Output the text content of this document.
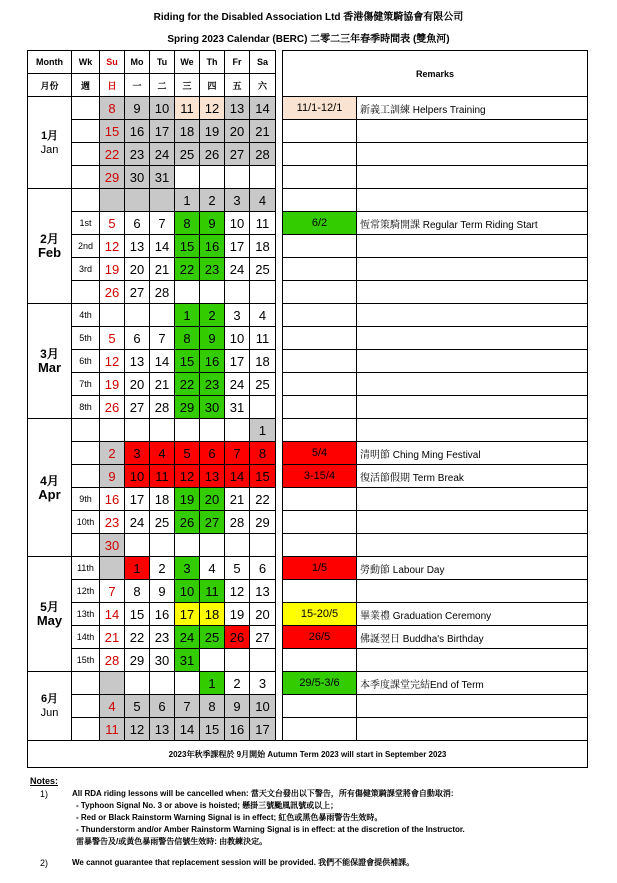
Riding for the Disabled Association Ltd 香港傷健策騎協會有限公司
Spring 2023 Calendar (BERC) 二零二三年春季時間表 (雙魚河)
Month	Wk	Su	Mo	Tu	We	Th	Fr	Sa		Remarks	
月份	週	日	一	二	三	四	五	六			

1月
Jan		8	9	10	11	12	13	14		11/1-12/1	新義工訓練 Helpers Training
		15	16	17	18	19	20	21			
		22	23	24	25	26	27	28			
		29	30	31							

2月
Feb					1	2	3	4			
	1st	5	6	7	8	9	10	11		6/2	恆常策騎開課 Regular Term Riding Start
	2nd	12	13	14	15	16	17	18			
	3rd	19	20	21	22	23	24	25			
		26	27	28							

3月
Mar	4th				1	2	3	4			
	5th	5	6	7	8	9	10	11			
	6th	12	13	14	15	16	17	18			
	7th	19	20	21	22	23	24	25			
	8th	26	27	28	29	30	31				

4月
Apr								1			
		2	3	4	5	6	7	8		5/4	清明節 Ching Ming Festival
		9	10	11	12	13	14	15		3-15/4	復活節假期 Term Break
	9th	16	17	18	19	20	21	22			
	10th	23	24	25	26	27	28	29			
		30									

5月
May	11th		1	2	3	4	5	6		1/5	勞動節 Labour Day
	12th	7	8	9	10	11	12	13			
	13th	14	15	16	17	18	19	20		15-20/5	畢業禮 Graduation Ceremony
	14th	21	22	23	24	25	26	27		26/5	佛誕翌日 Buddha's Birthday
	15th	28	29	30	31						

6月
Jun						1	2	3		29/5-3/6	本季度課堂完結End of Term
		4	5	6	7	8	9	10			
		11	12	13	14	15	16	17			
2023年秋季課程於 9月開始 Autumn Term 2023 will start in September 2023											
Notes:
1)	All RDA riding lessons will be cancelled when: 當天文台發出以下警告，所有傷健策騎課堂將會自動取消:
- Typhoon Signal No. 3 or above is hoisted; 懸掛三號颱風訊號或以上；
- Red or Black Rainstorm Warning Signal is in effect; 紅色或黑色暴雨警告生效時。
- Thunderstorm and/or Amber Rainstorm Warning Signal is in effect: at the discretion of the Instructor.
雷暴警告及/或黃色暴雨警告信號生效時: 由教練決定。
2)	We cannot guarantee that replacement session will be provided. 我們不能保證會提供補課。
